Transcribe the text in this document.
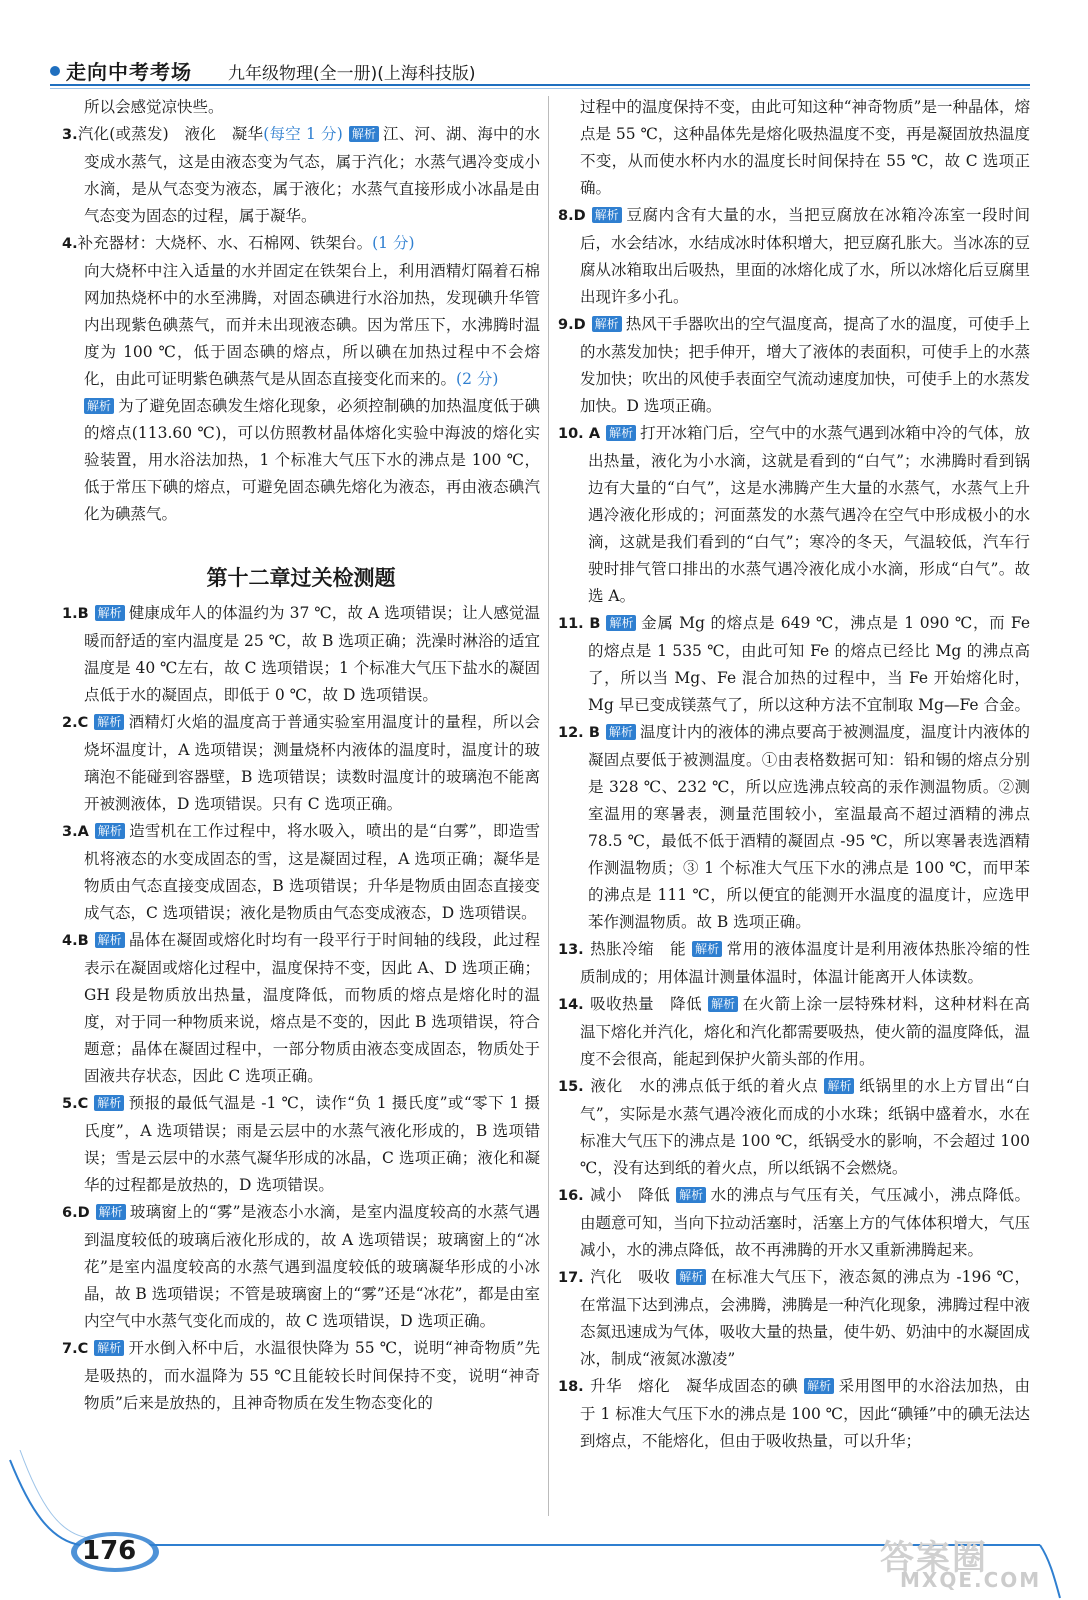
走向中考考场 九年级物理(全一册)(上海科技版)
所以会感觉凉快些。
3.汽化(或蒸发)　液化　凝华(每空 1 分) 解析 江、河、湖、海中的水变成水蒸气，这是由液态变为气态，属于汽化；水蒸气遇冷变成小水滴，是从气态变为液态，属于液化；水蒸气直接形成小冰晶是由气态变为固态的过程，属于凝华。
4.补充器材：大烧杯、水、石棉网、铁架台。(1 分)
向大烧杯中注入适量的水并固定在铁架台上，利用酒精灯隔着石棉网加热烧杯中的水至沸腾，对固态碘进行水浴加热，发现碘升华管内出现紫色碘蒸气，而并未出现液态碘。因为常压下，水沸腾时温度为 100 ℃，低于固态碘的熔点，所以碘在加热过程中不会熔化，由此可证明紫色碘蒸气是从固态直接变化而来的。(2 分)
解析 为了避免固态碘发生熔化现象，必须控制碘的加热温度低于碘的熔点(113.60 ℃)，可以仿照教材晶体熔化实验中海波的熔化实验装置，用水浴法加热，1 个标准大气压下水的沸点是 100 ℃，低于常压下碘的熔点，可避免固态碘先熔化为液态，再由液态碘汽化为碘蒸气。
第十二章过关检测题
1.B 解析 健康成年人的体温约为 37 ℃，故 A 选项错误；让人感觉温暖而舒适的室内温度是 25 ℃，故 B 选项正确；洗澡时淋浴的适宜温度是 40 ℃左右，故 C 选项错误；1 个标准大气压下盐水的凝固点低于水的凝固点，即低于 0 ℃，故 D 选项错误。
2.C 解析 酒精灯火焰的温度高于普通实验室用温度计的量程，所以会烧坏温度计，A 选项错误；测量烧杯内液体的温度时，温度计的玻璃泡不能碰到容器壁，B 选项错误；读数时温度计的玻璃泡不能离开被测液体，D 选项错误。只有 C 选项正确。
3.A 解析 造雪机在工作过程中，将水吸入，喷出的是“白雾”，即造雪机将液态的水变成固态的雪，这是凝固过程，A 选项正确；凝华是物质由气态直接变成固态，B 选项错误；升华是物质由固态直接变成气态，C 选项错误；液化是物质由气态变成液态，D 选项错误。
4.B 解析 晶体在凝固或熔化时均有一段平行于时间轴的线段，此过程表示在凝固或熔化过程中，温度保持不变，因此 A、D 选项正确；GH 段是物质放出热量，温度降低，而物质的熔点是熔化时的温度，对于同一种物质来说，熔点是不变的，因此 B 选项错误，符合题意；晶体在凝固过程中，一部分物质由液态变成固态，物质处于固液共存状态，因此 C 选项正确。
5.C 解析 预报的最低气温是 -1 ℃，读作“负 1 摄氏度”或“零下 1 摄氏度”，A 选项错误；雨是云层中的水蒸气液化形成的，B 选项错误；雪是云层中的水蒸气凝华形成的冰晶，C 选项正确；液化和凝华的过程都是放热的，D 选项错误。
6.D 解析 玻璃窗上的“雾”是液态小水滴，是室内温度较高的水蒸气遇到温度较低的玻璃后液化形成的，故 A 选项错误；玻璃窗上的“冰花”是室内温度较高的水蒸气遇到温度较低的玻璃凝华形成的小冰晶，故 B 选项错误；不管是玻璃窗上的“雾”还是“冰花”，都是由室内空气中水蒸气变化而成的，故 C 选项错误，D 选项正确。
7.C 解析 开水倒入杯中后，水温很快降为 55 ℃，说明“神奇物质”先是吸热的，而水温降为 55 ℃且能较长时间保持不变，说明“神奇物质”后来是放热的，且神奇物质在发生物态变化的
过程中的温度保持不变，由此可知这种“神奇物质”是一种晶体，熔点是 55 ℃，这种晶体先是熔化吸热温度不变，再是凝固放热温度不变，从而使水杯内水的温度长时间保持在 55 ℃，故 C 选项正确。
8.D 解析 豆腐内含有大量的水，当把豆腐放在冰箱冷冻室一段时间后，水会结冰，水结成冰时体积增大，把豆腐孔胀大。当冰冻的豆腐从冰箱取出后吸热，里面的冰熔化成了水，所以冰熔化后豆腐里出现许多小孔。
9.D 解析 热风干手器吹出的空气温度高，提高了水的温度，可使手上的水蒸发加快；把手伸开，增大了液体的表面积，可使手上的水蒸发加快；吹出的风使手表面空气流动速度加快，可使手上的水蒸发加快。D 选项正确。
10. A 解析 打开冰箱门后，空气中的水蒸气遇到冰箱中冷的气体，放出热量，液化为小水滴，这就是看到的“白气”；水沸腾时看到锅边有大量的“白气”，这是水沸腾产生大量的水蒸气，水蒸气上升遇冷液化形成的；河面蒸发的水蒸气遇冷在空气中形成极小的水滴，这就是我们看到的“白气”；寒冷的冬天，气温较低，汽车行驶时排气管口排出的水蒸气遇冷液化成小水滴，形成“白气”。故选 A。
11. B 解析 金属 Mg 的熔点是 649 ℃，沸点是 1 090 ℃，而 Fe 的熔点是 1 535 ℃，由此可知 Fe 的熔点已经比 Mg 的沸点高了，所以当 Mg、Fe 混合加热的过程中，当 Fe 开始熔化时，Mg 早已变成镁蒸气了，所以这种方法不宜制取 Mg—Fe 合金。
12. B 解析 温度计内的液体的沸点要高于被测温度，温度计内液体的凝固点要低于被测温度。①由表格数据可知：铅和锡的熔点分别是 328 ℃、232 ℃，所以应选沸点较高的汞作测温物质。②测室温用的寒暑表，测量范围较小，室温最高不超过酒精的沸点 78.5 ℃，最低不低于酒精的凝固点 -95 ℃，所以寒暑表选酒精作测温物质；③ 1 个标准大气压下水的沸点是 100 ℃，而甲苯的沸点是 111 ℃，所以便宜的能测开水温度的温度计，应选甲苯作测温物质。故 B 选项正确。
13. 热胀冷缩　能 解析 常用的液体温度计是利用液体热胀冷缩的性质制成的；用体温计测量体温时，体温计能离开人体读数。
14. 吸收热量　降低 解析 在火箭上涂一层特殊材料，这种材料在高温下熔化并汽化，熔化和汽化都需要吸热，使火箭的温度降低，温度不会很高，能起到保护火箭头部的作用。
15. 液化　水的沸点低于纸的着火点 解析 纸锅里的水上方冒出“白气”，实际是水蒸气遇冷液化而成的小水珠；纸锅中盛着水，水在标准大气压下的沸点是 100 ℃，纸锅受水的影响，不会超过 100 ℃，没有达到纸的着火点，所以纸锅不会燃烧。
16. 减小　降低 解析 水的沸点与气压有关，气压减小，沸点降低。由题意可知，当向下拉动活塞时，活塞上方的气体体积增大，气压减小，水的沸点降低，故不再沸腾的开水又重新沸腾起来。
17. 汽化　吸收 解析 在标准大气压下，液态氮的沸点为 -196 ℃，在常温下达到沸点，会沸腾，沸腾是一种汽化现象，沸腾过程中液态氮迅速成为气体，吸收大量的热量，使牛奶、奶油中的水凝固成冰，制成“液氮冰激凌”
18. 升华　熔化　凝华成固态的碘 解析 采用图甲的水浴法加热，由于 1 标准大气压下水的沸点是 100 ℃，因此“碘锤”中的碘无法达到熔点，不能熔化，但由于吸收热量，可以升华；
176	答案圈
MXQE.COM
